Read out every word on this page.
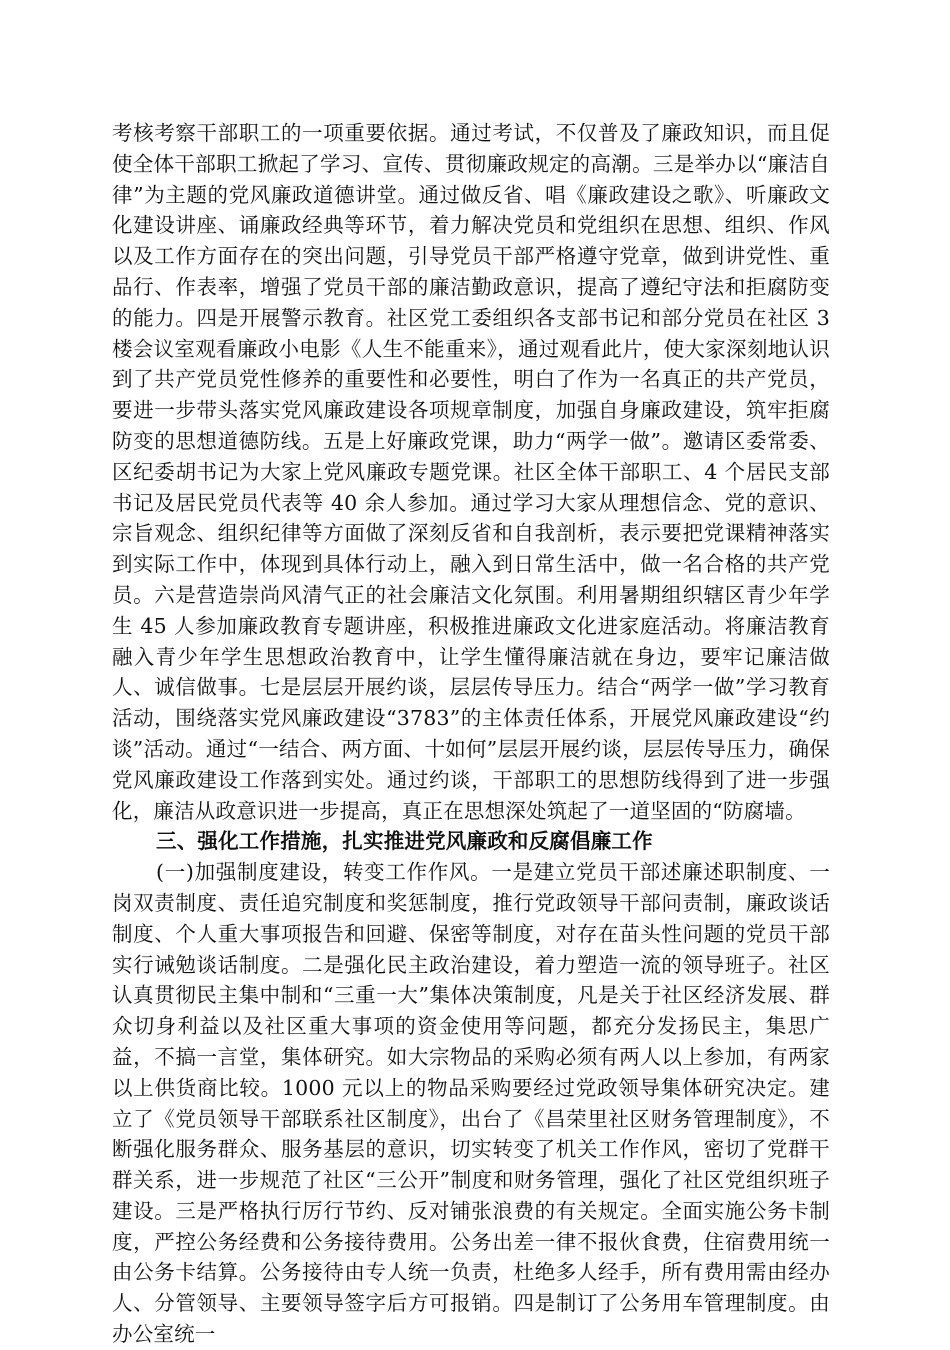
考核考察干部职工的一项重要依据。通过考试，不仅普及了廉政知识，而且促使全体干部职工掀起了学习、宣传、贯彻廉政规定的高潮。三是举办以“廉洁自律”为主题的党风廉政道德讲堂。通过做反省、唱《廉政建设之歌》、听廉政文化建设讲座、诵廉政经典等环节，着力解决党员和党组织在思想、组织、作风以及工作方面存在的突出问题，引导党员干部严格遵守党章，做到讲党性、重品行、作表率，增强了党员干部的廉洁勤政意识，提高了遵纪守法和拒腐防变的能力。四是开展警示教育。社区党工委组织各支部书记和部分党员在社区 3 楼会议室观看廉政小电影《人生不能重来》，通过观看此片，使大家深刻地认识到了共产党员党性修养的重要性和必要性，明白了作为一名真正的共产党员，要进一步带头落实党风廉政建设各项规章制度，加强自身廉政建设，筑牢拒腐防变的思想道德防线。五是上好廉政党课，助力“两学一做”。邀请区委常委、区纪委胡书记为大家上党风廉政专题党课。社区全体干部职工、4 个居民支部书记及居民党员代表等 40 余人参加。通过学习大家从理想信念、党的意识、宗旨观念、组织纪律等方面做了深刻反省和自我剖析，表示要把党课精神落实到实际工作中，体现到具体行动上，融入到日常生活中，做一名合格的共产党员。六是营造崇尚风清气正的社会廉洁文化氛围。利用暑期组织辖区青少年学生 45 人参加廉政教育专题讲座，积极推进廉政文化进家庭活动。将廉洁教育融入青少年学生思想政治教育中，让学生懂得廉洁就在身边，要牢记廉洁做人、诚信做事。七是层层开展约谈，层层传导压力。结合“两学一做”学习教育活动，围绕落实党风廉政建设“3783”的主体责任体系，开展党风廉政建设“约谈”活动。通过“一结合、两方面、十如何”层层开展约谈，层层传导压力，确保党风廉政建设工作落到实处。通过约谈，干部职工的思想防线得到了进一步强化，廉洁从政意识进一步提高，真正在思想深处筑起了一道坚固的“防腐墙。

三、强化工作措施，扎实推进党风廉政和反腐倡廉工作

(一)加强制度建设，转变工作作风。一是建立党员干部述廉述职制度、一岗双责制度、责任追究制度和奖惩制度，推行党政领导干部问责制，廉政谈话制度、个人重大事项报告和回避、保密等制度，对存在苗头性问题的党员干部实行诫勉谈话制度。二是强化民主政治建设，着力塑造一流的领导班子。社区认真贯彻民主集中制和“三重一大”集体决策制度，凡是关于社区经济发展、群众切身利益以及社区重大事项的资金使用等问题，都充分发扬民主，集思广益，不搞一言堂，集体研究。如大宗物品的采购必须有两人以上参加，有两家以上供货商比较。1000 元以上的物品采购要经过党政领导集体研究决定。建立了《党员领导干部联系社区制度》，出台了《昌荣里社区财务管理制度》，不断强化服务群众、服务基层的意识，切实转变了机关工作作风，密切了党群干群关系，进一步规范了社区“三公开”制度和财务管理，强化了社区党组织班子建设。三是严格执行厉行节约、反对铺张浪费的有关规定。全面实施公务卡制度，严控公务经费和公务接待费用。公务出差一律不报伙食费，住宿费用统一由公务卡结算。公务接待由专人统一负责，杜绝多人经手，所有费用需由经办人、分管领导、主要领导签字后方可报销。四是制订了公务用车管理制度。由办公室统一
